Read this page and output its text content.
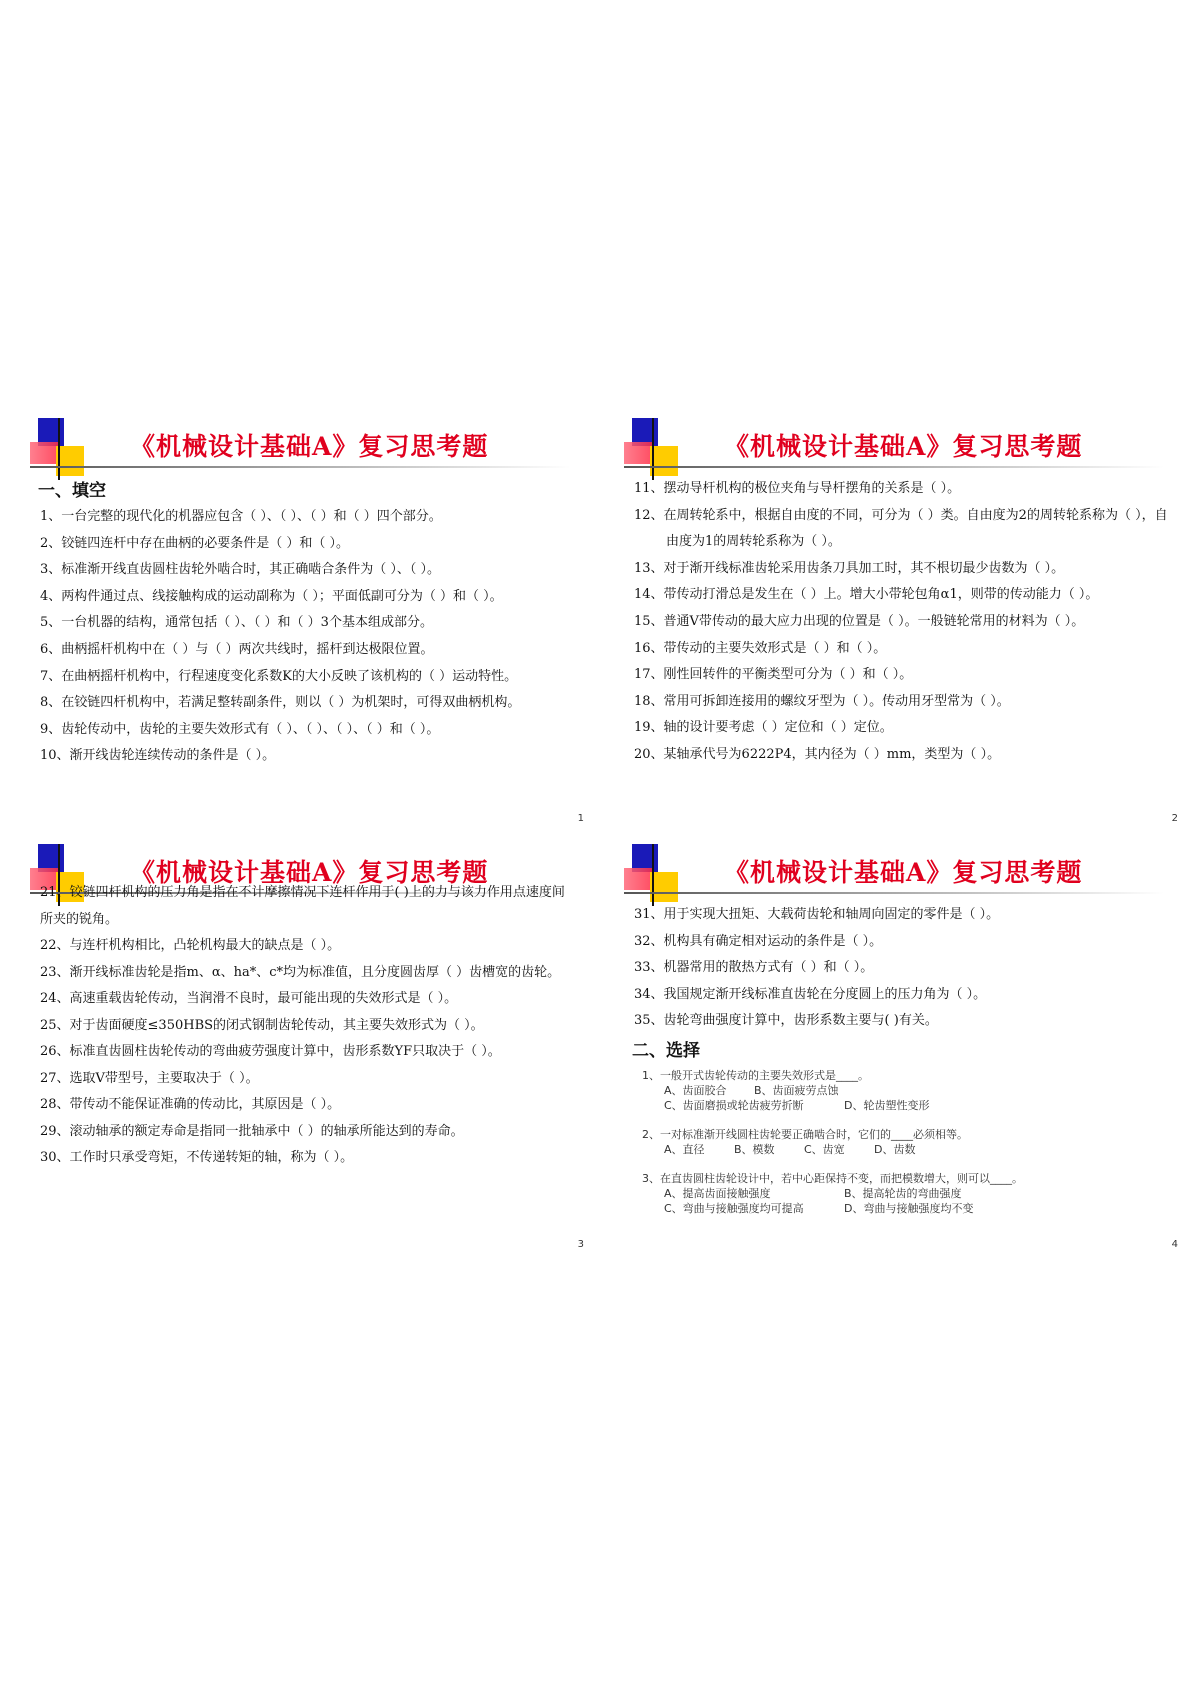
《机械设计基础A》复习思考题
一、填空
1、一台完整的现代化的机器应包含（ ）、（ ）、（ ）和（ ）四个部分。
2、铰链四连杆中存在曲柄的必要条件是（ ）和（ ）。
3、标准渐开线直齿圆柱齿轮外啮合时，其正确啮合条件为（ ）、（ ）。
4、两构件通过点、线接触构成的运动副称为（ ）；平面低副可分为（ ）和（ ）。
5、一台机器的结构，通常包括（ ）、（ ）和（ ）3个基本组成部分。
6、曲柄摇杆机构中在（ ）与（ ）两次共线时，摇杆到达极限位置。
7、在曲柄摇杆机构中，行程速度变化系数K的大小反映了该机构的（ ）运动特性。
8、在铰链四杆机构中，若满足整转副条件，则以（ ）为机架时，可得双曲柄机构。
9、齿轮传动中，齿轮的主要失效形式有（ ）、（ ）、（ ）、（ ）和（ ）。
10、渐开线齿轮连续传动的条件是（ ）。
1
《机械设计基础A》复习思考题
11、摆动导杆机构的极位夹角与导杆摆角的关系是（ ）。
12、在周转轮系中，根据自由度的不同，可分为（ ）类。自由度为2的周转轮系称为（ ），自由度为1的周转轮系称为（ ）。
13、对于渐开线标准齿轮采用齿条刀具加工时，其不根切最少齿数为（ ）。
14、带传动打滑总是发生在（ ）上。增大小带轮包角α1，则带的传动能力（ ）。
15、普通V带传动的最大应力出现的位置是（ ）。一般链轮常用的材料为（ ）。
16、带传动的主要失效形式是（ ）和（ ）。
17、刚性回转件的平衡类型可分为（ ）和（ ）。
18、常用可拆卸连接用的螺纹牙型为（ ）。传动用牙型常为（ ）。
19、轴的设计要考虑（ ）定位和（ ）定位。
20、某轴承代号为6222P4，其内径为（ ）mm，类型为（ ）。
2
《机械设计基础A》复习思考题
21、铰链四杆机构的压力角是指在不计摩擦情况下连杆作用于( )上的力与该力作用点速度间所夹的锐角。
22、与连杆机构相比，凸轮机构最大的缺点是（ ）。
23、渐开线标准齿轮是指m、α、ha*、c*均为标准值，且分度圆齿厚（ ）齿槽宽的齿轮。
24、高速重载齿轮传动，当润滑不良时，最可能出现的失效形式是（ ）。
25、对于齿面硬度≤350HBS的闭式钢制齿轮传动，其主要失效形式为（ ）。
26、标准直齿圆柱齿轮传动的弯曲疲劳强度计算中，齿形系数YF只取决于（ ）。
27、选取V带型号，主要取决于（ ）。
28、带传动不能保证准确的传动比，其原因是（ ）。
29、滚动轴承的额定寿命是指同一批轴承中（ ）的轴承所能达到的寿命。
30、工作时只承受弯矩，不传递转矩的轴，称为（ ）。
3
《机械设计基础A》复习思考题
31、用于实现大扭矩、大载荷齿轮和轴周向固定的零件是（ ）。
32、机构具有确定相对运动的条件是（ ）。
33、机器常用的散热方式有（ ）和（ ）。
34、我国规定渐开线标准直齿轮在分度圆上的压力角为（ ）。
35、齿轮弯曲强度计算中，齿形系数主要与( )有关。
二、选择

1、一般开式齿轮传动的主要失效形式是____。

A、齿面胶合 B、齿面疲劳点蚀

C、齿面磨损或轮齿疲劳折断	D、轮齿塑性变形

2、一对标准渐开线圆柱齿轮要正确啮合时，它们的____必须相等。

A、直径	B、模数	C、齿宽	D、齿数

3、在直齿圆柱齿轮设计中，若中心距保持不变，而把模数增大，则可以____。

A、提高齿面接触强度	B、提高轮齿的弯曲强度

C、弯曲与接触强度均可提高	D、弯曲与接触强度均不变

4
